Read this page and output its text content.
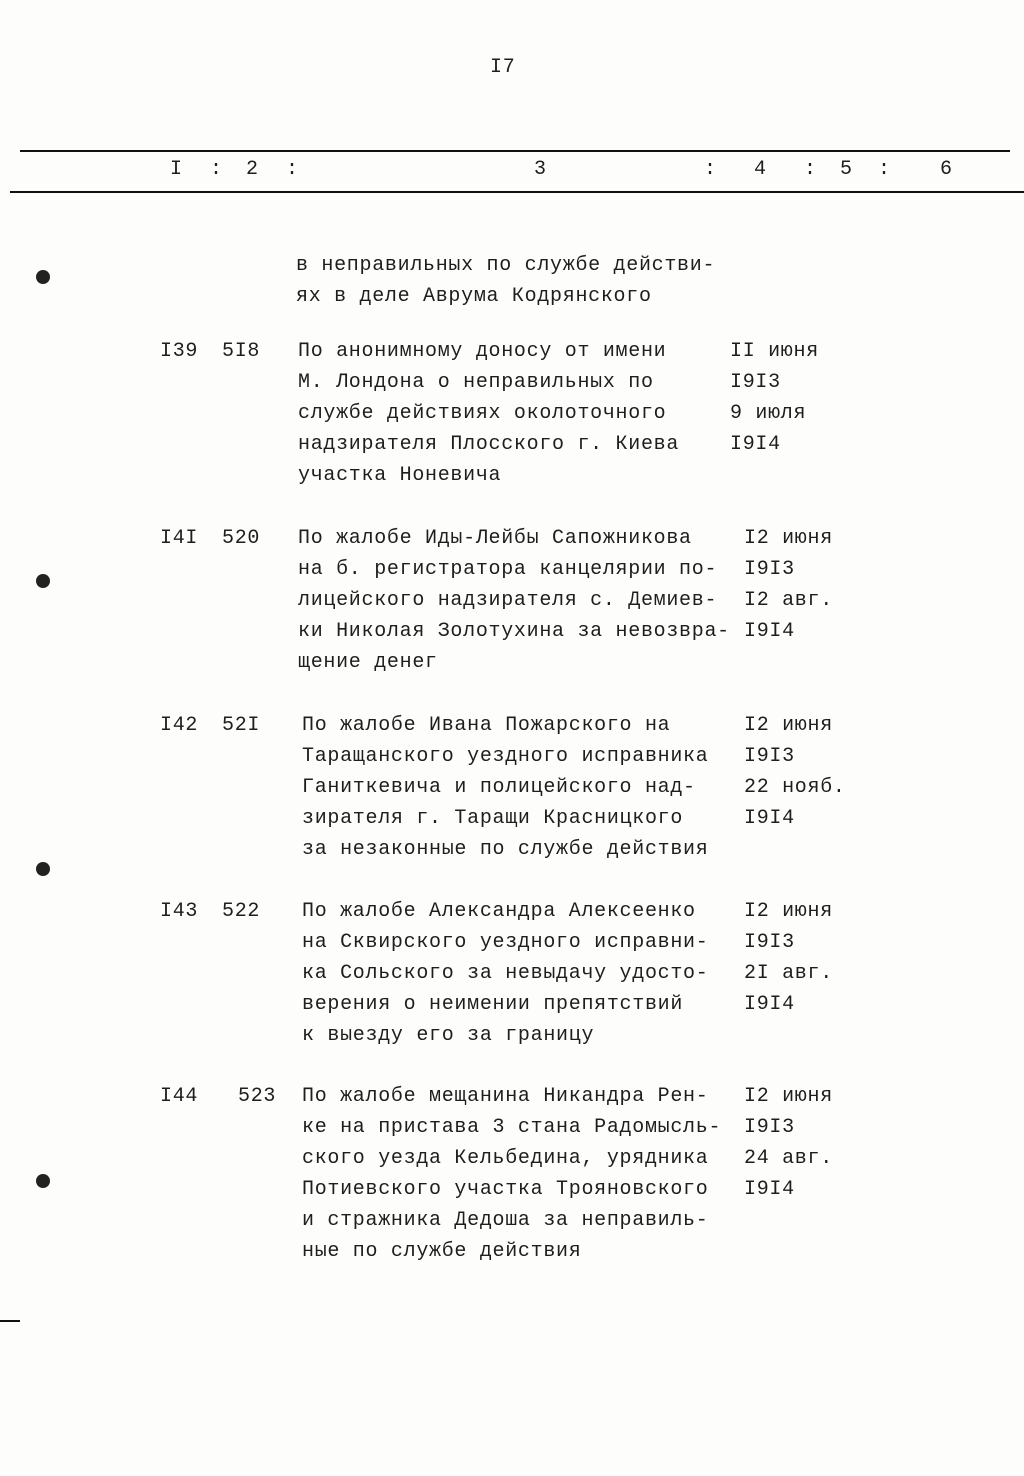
I7
I : 2 :	3	: 4 : 5 : 6
в неправильных по службе действи-
ях в деле Аврума Кодрянского
I39 5I8 По анонимному доносу от имени
М. Лондона о неправильных по
службе действиях околоточного
надзирателя Плосского г. Киева
участка Ноневича
II июня
I9I3
9 июля
I9I4
I4I 520 По жалобе Иды-Лейбы Сапожникова
на б. регистратора канцелярии по-
лицейского надзирателя с. Демиев-
ки Николая Золотухина за невозвра-
щение денег
I2 июня
I9I3
I2 авг.
I9I4
I42 52I По жалобе Ивана Пожарского на
Таращанского уездного исправника
Ганиткевича и полицейского над-
зирателя г. Таращи Красницкого
за незаконные по службе действия
I2 июня
I9I3
22 нояб.
I9I4
I43 522 По жалобе Александра Алексеенко
на Сквирского уездного исправни-
ка Сольского за невыдачу удосто-
верения о неимении препятствий
к выезду его за границу
I2 июня
I9I3
2I авг.
I9I4
I44 523 По жалобе мещанина Никандра Рен-
ке на пристава 3 стана Радомысль-
ского уезда Кельбедина, урядника
Потиевского участка Трояновского
и стражника Дедоша за неправиль-
ные по службе действия
I2 июня
I9I3
24 авг.
I9I4
